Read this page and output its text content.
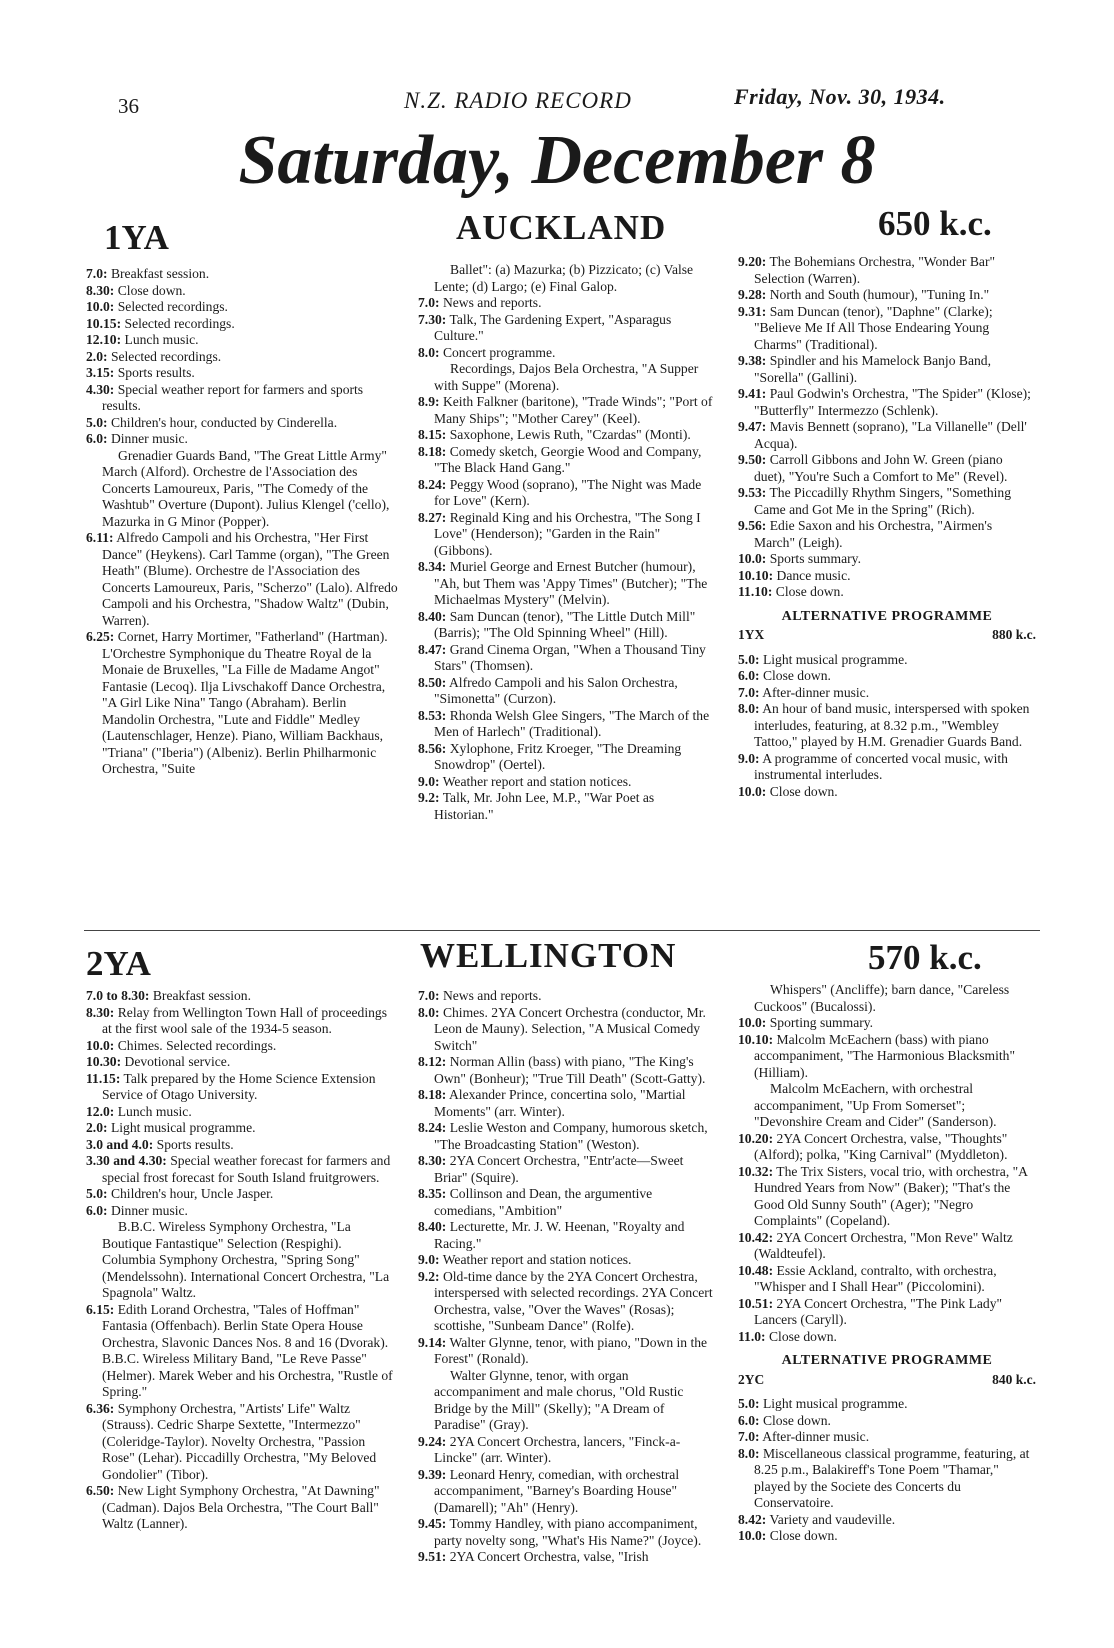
36	N.Z. RADIO RECORD	Friday, Nov. 30, 1934.
Saturday, December 8
1YA	AUCKLAND	650 k.c.

7.0: Breakfast session.

8.30: Close down.

10.0: Selected recordings.

10.15: Selected recordings.

12.10: Lunch music.

2.0: Selected recordings.

3.15: Sports results.

4.30: Special weather report for farmers and sports results.

5.0: Children's hour, conducted by Cinderella.

6.0: Dinner music.

Grenadier Guards Band, "The Great Little Army" March (Alford). Orchestre de l'Association des Concerts Lamoureux, Paris, "The Comedy of the Washtub" Overture (Dupont). Julius Klengel ('cello), Mazurka in G Minor (Popper).

6.11: Alfredo Campoli and his Orchestra, "Her First Dance" (Heykens). Carl Tamme (organ), "The Green Heath" (Blume). Orchestre de l'Association des Concerts Lamoureux, Paris, "Scherzo" (Lalo). Alfredo Campoli and his Orchestra, "Shadow Waltz" (Dubin, Warren).

6.25: Cornet, Harry Mortimer, "Fatherland" (Hartman). L'Orchestre Symphonique du Theatre Royal de la Monaie de Bruxelles, "La Fille de Madame Angot" Fantasie (Lecoq). Ilja Livschakoff Dance Orchestra, "A Girl Like Nina" Tango (Abraham). Berlin Mandolin Orchestra, "Lute and Fiddle" Medley (Lautenschlager, Henze). Piano, William Backhaus, "Triana" ("Iberia") (Albeniz). Berlin Philharmonic Orchestra, "Suite

Ballet": (a) Mazurka; (b) Pizzicato; (c) Valse Lente; (d) Largo; (e) Final Galop.

7.0: News and reports.

7.30: Talk, The Gardening Expert, "Asparagus Culture."

8.0: Concert programme.

Recordings, Dajos Bela Orchestra, "A Supper with Suppe" (Morena).

8.9: Keith Falkner (baritone), "Trade Winds"; "Port of Many Ships"; "Mother Carey" (Keel).

8.15: Saxophone, Lewis Ruth, "Czardas" (Monti).

8.18: Comedy sketch, Georgie Wood and Company, "The Black Hand Gang."

8.24: Peggy Wood (soprano), "The Night was Made for Love" (Kern).

8.27: Reginald King and his Orchestra, "The Song I Love" (Henderson); "Garden in the Rain" (Gibbons).

8.34: Muriel George and Ernest Butcher (humour), "Ah, but Them was 'Appy Times" (Butcher); "The Michaelmas Mystery" (Melvin).

8.40: Sam Duncan (tenor), "The Little Dutch Mill" (Barris); "The Old Spinning Wheel" (Hill).

8.47: Grand Cinema Organ, "When a Thousand Tiny Stars" (Thomsen).

8.50: Alfredo Campoli and his Salon Orchestra, "Simonetta" (Curzon).

8.53: Rhonda Welsh Glee Singers, "The March of the Men of Harlech" (Traditional).

8.56: Xylophone, Fritz Kroeger, "The Dreaming Snowdrop" (Oertel).

9.0: Weather report and station notices.

9.2: Talk, Mr. John Lee, M.P., "War Poet as Historian."

9.20: The Bohemians Orchestra, "Wonder Bar" Selection (Warren).

9.28: North and South (humour), "Tuning In."

9.31: Sam Duncan (tenor), "Daphne" (Clarke); "Believe Me If All Those Endearing Young Charms" (Traditional).

9.38: Spindler and his Mamelock Banjo Band, "Sorella" (Gallini).

9.41: Paul Godwin's Orchestra, "The Spider" (Klose); "Butterfly" Intermezzo (Schlenk).

9.47: Mavis Bennett (soprano), "La Villanelle" (Dell' Acqua).

9.50: Carroll Gibbons and John W. Green (piano duet), "You're Such a Comfort to Me" (Revel).

9.53: The Piccadilly Rhythm Singers, "Something Came and Got Me in the Spring" (Rich).

9.56: Edie Saxon and his Orchestra, "Airmen's March" (Leigh).

10.0: Sports summary.

10.10: Dance music.

11.10: Close down.

ALTERNATIVE PROGRAMME
1YX	880 k.c.

5.0: Light musical programme.

6.0: Close down.

7.0: After-dinner music.

8.0: An hour of band music, interspersed with spoken interludes, featuring, at 8.32 p.m., "Wembley Tattoo," played by H.M. Grenadier Guards Band.

9.0: A programme of concerted vocal music, with instrumental interludes.

10.0: Close down.

2YA	WELLINGTON	570 k.c.

7.0 to 8.30: Breakfast session.

8.30: Relay from Wellington Town Hall of proceedings at the first wool sale of the 1934-5 season.

10.0: Chimes. Selected recordings.

10.30: Devotional service.

11.15: Talk prepared by the Home Science Extension Service of Otago University.

12.0: Lunch music.

2.0: Light musical programme.

3.0 and 4.0: Sports results.

3.30 and 4.30: Special weather forecast for farmers and special frost forecast for South Island fruitgrowers.

5.0: Children's hour, Uncle Jasper.

6.0: Dinner music.

B.B.C. Wireless Symphony Orchestra, "La Boutique Fantastique" Selection (Respighi). Columbia Symphony Orchestra, "Spring Song" (Mendelssohn). International Concert Orchestra, "La Spagnola" Waltz.

6.15: Edith Lorand Orchestra, "Tales of Hoffman" Fantasia (Offenbach). Berlin State Opera House Orchestra, Slavonic Dances Nos. 8 and 16 (Dvorak). B.B.C. Wireless Military Band, "Le Reve Passe" (Helmer). Marek Weber and his Orchestra, "Rustle of Spring."

6.36: Symphony Orchestra, "Artists' Life" Waltz (Strauss). Cedric Sharpe Sextette, "Intermezzo" (Coleridge-Taylor). Novelty Orchestra, "Passion Rose" (Lehar). Piccadilly Orchestra, "My Beloved Gondolier" (Tibor).

6.50: New Light Symphony Orchestra, "At Dawning" (Cadman). Dajos Bela Orchestra, "The Court Ball" Waltz (Lanner).

7.0: News and reports.

8.0: Chimes. 2YA Concert Orchestra (conductor, Mr. Leon de Mauny). Selection, "A Musical Comedy Switch"

8.12: Norman Allin (bass) with piano, "The King's Own" (Bonheur); "True Till Death" (Scott-Gatty).

8.18: Alexander Prince, concertina solo, "Martial Moments" (arr. Winter).

8.24: Leslie Weston and Company, humorous sketch, "The Broadcasting Station" (Weston).

8.30: 2YA Concert Orchestra, "Entr'acte—Sweet Briar" (Squire).

8.35: Collinson and Dean, the argumentive comedians, "Ambition"

8.40: Lecturette, Mr. J. W. Heenan, "Royalty and Racing."

9.0: Weather report and station notices.

9.2: Old-time dance by the 2YA Concert Orchestra, interspersed with selected recordings. 2YA Concert Orchestra, valse, "Over the Waves" (Rosas); scottishe, "Sunbeam Dance" (Rolfe).

9.14: Walter Glynne, tenor, with piano, "Down in the Forest" (Ronald).

Walter Glynne, tenor, with organ accompaniment and male chorus, "Old Rustic Bridge by the Mill" (Skelly); "A Dream of Paradise" (Gray).

9.24: 2YA Concert Orchestra, lancers, "Finck-a-Lincke" (arr. Winter).

9.39: Leonard Henry, comedian, with orchestral accompaniment, "Barney's Boarding House" (Damarell); "Ah" (Henry).

9.45: Tommy Handley, with piano accompaniment, party novelty song, "What's His Name?" (Joyce).

9.51: 2YA Concert Orchestra, valse, "Irish

Whispers" (Ancliffe); barn dance, "Careless Cuckoos" (Bucalossi).

10.0: Sporting summary.

10.10: Malcolm McEachern (bass) with piano accompaniment, "The Harmonious Blacksmith" (Hilliam).

Malcolm McEachern, with orchestral accompaniment, "Up From Somerset"; "Devonshire Cream and Cider" (Sanderson).

10.20: 2YA Concert Orchestra, valse, "Thoughts" (Alford); polka, "King Carnival" (Myddleton).

10.32: The Trix Sisters, vocal trio, with orchestra, "A Hundred Years from Now" (Baker); "That's the Good Old Sunny South" (Ager); "Negro Complaints" (Copeland).

10.42: 2YA Concert Orchestra, "Mon Reve" Waltz (Waldteufel).

10.48: Essie Ackland, contralto, with orchestra, "Whisper and I Shall Hear" (Piccolomini).

10.51: 2YA Concert Orchestra, "The Pink Lady" Lancers (Caryll).

11.0: Close down.

ALTERNATIVE PROGRAMME
2YC	840 k.c.

5.0: Light musical programme.

6.0: Close down.

7.0: After-dinner music.

8.0: Miscellaneous classical programme, featuring, at 8.25 p.m., Balakireff's Tone Poem "Thamar," played by the Societe des Concerts du Conservatoire.

8.42: Variety and vaudeville.

10.0: Close down.
